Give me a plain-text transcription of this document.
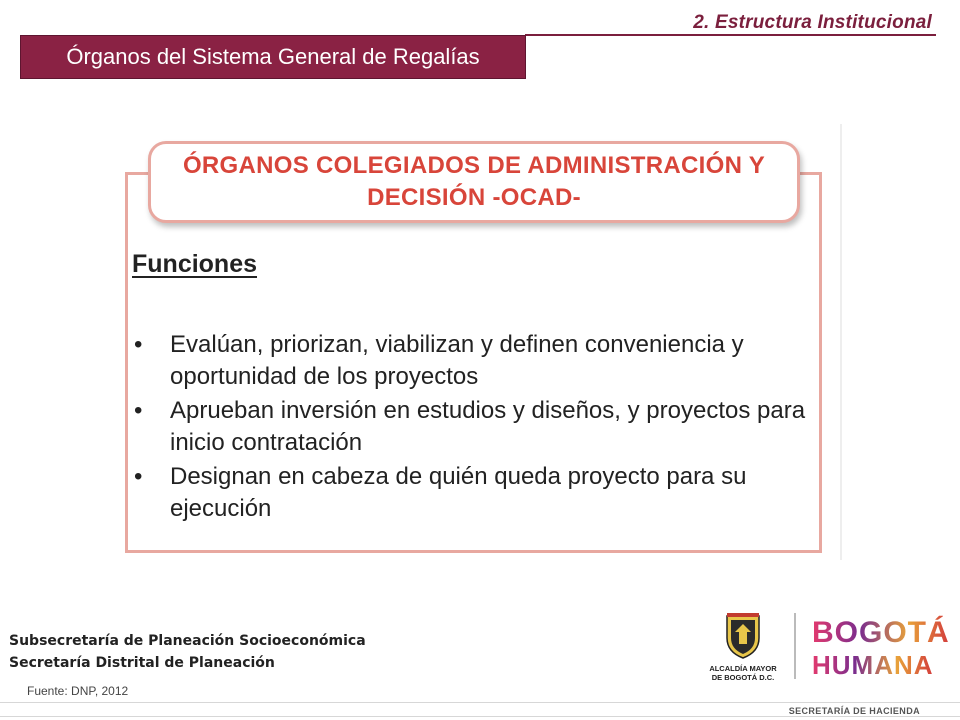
2. Estructura Institucional
Órganos del Sistema General de Regalías
ÓRGANOS COLEGIADOS DE ADMINISTRACIÓN Y
DECISIÓN -OCAD-
Funciones
• Evalúan, priorizan, viabilizan y definen conveniencia y oportunidad de los proyectos
• Aprueban inversión en estudios y diseños, y proyectos para inicio contratación
• Designan en cabeza de quién queda proyecto para su ejecución
Subsecretaría de Planeación Socioeconómica
Secretaría Distrital de Planeación
Fuente: DNP, 2012
ALCALDÍA MAYOR
DE BOGOTÁ D.C.
BOGOTÁ
HUMANA
SECRETARÍA DE HACIENDA
